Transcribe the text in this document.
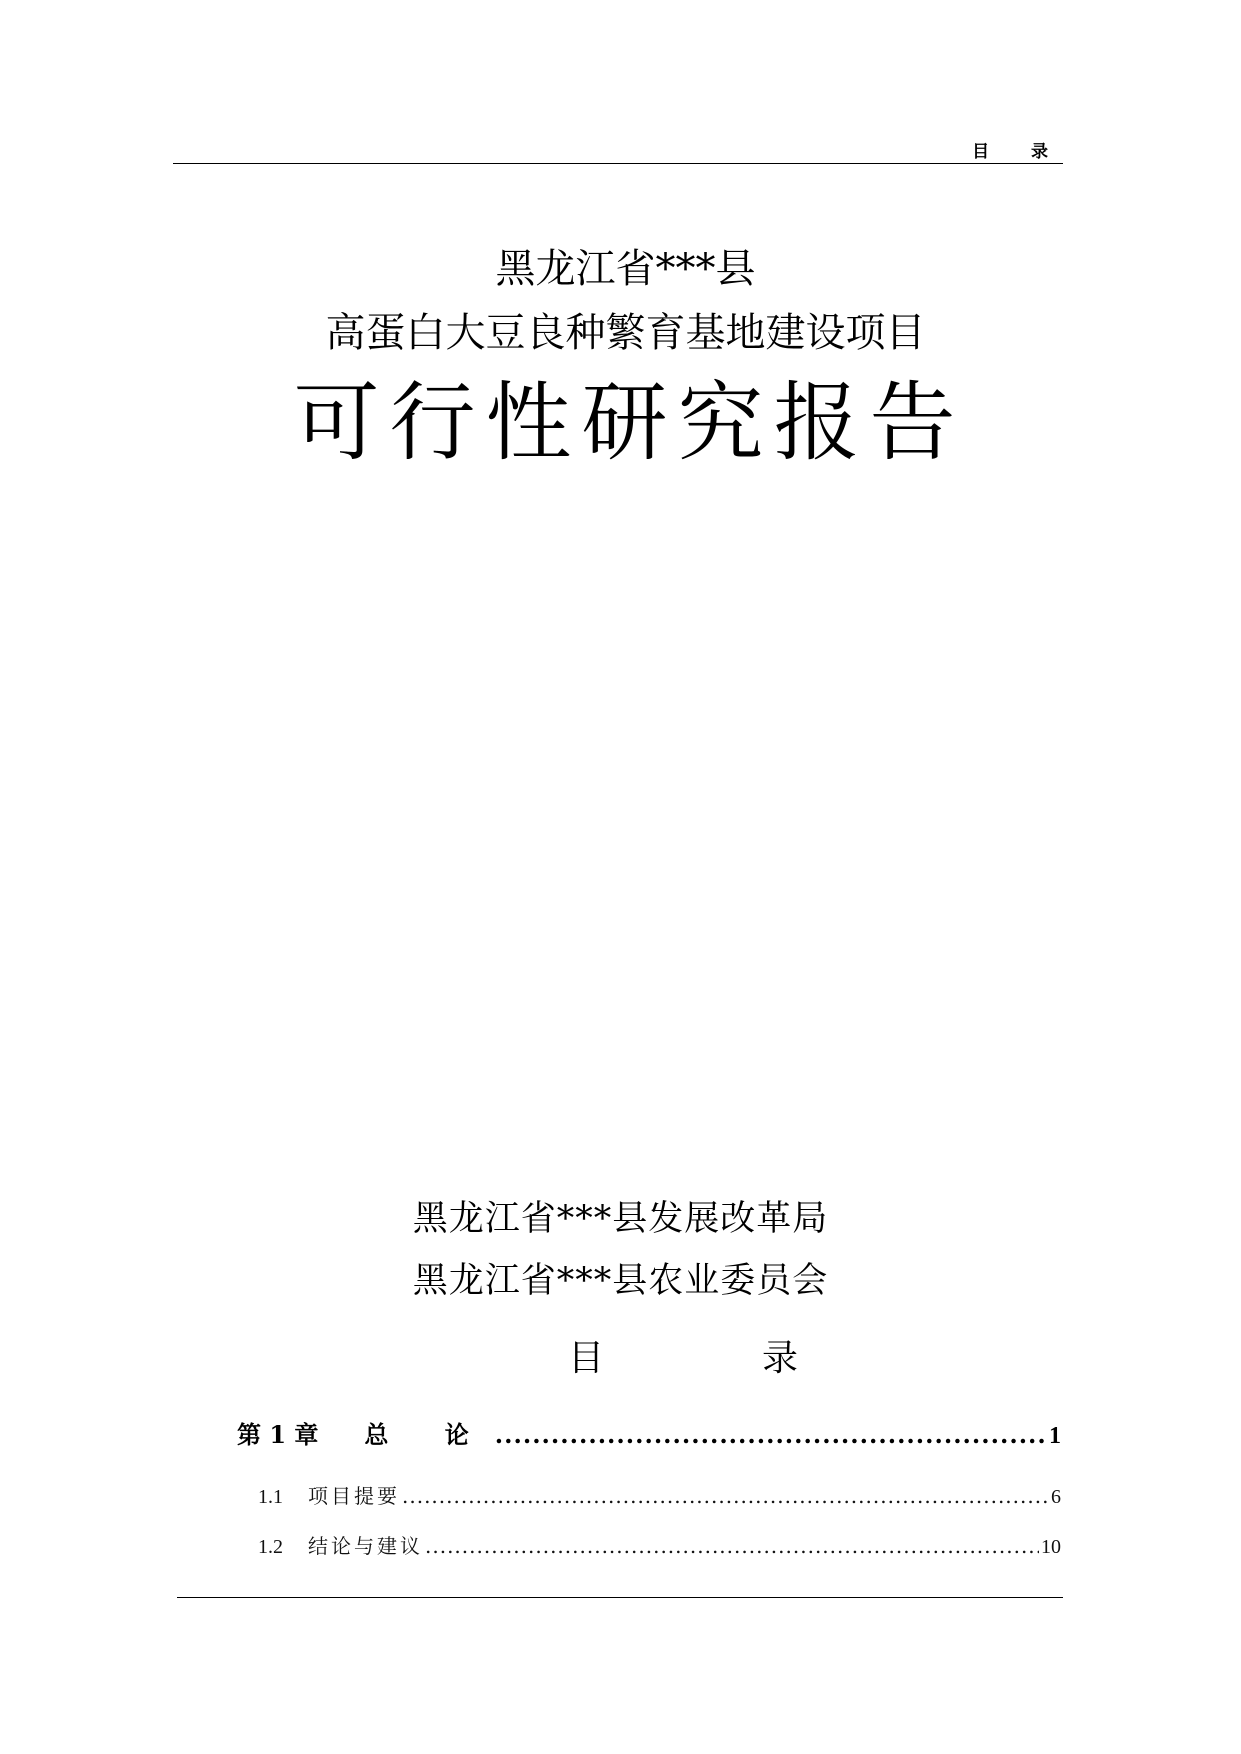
目 录
黑龙江省***县
高蛋白大豆良种繁育基地建设项目
可行性研究报告
黑龙江省***县发展改革局
黑龙江省***县农业委员会
目	录
第 1 章 总 论 .....	1
1.1	项目提要 .....	6
1.2	结论与建议 .....	10
